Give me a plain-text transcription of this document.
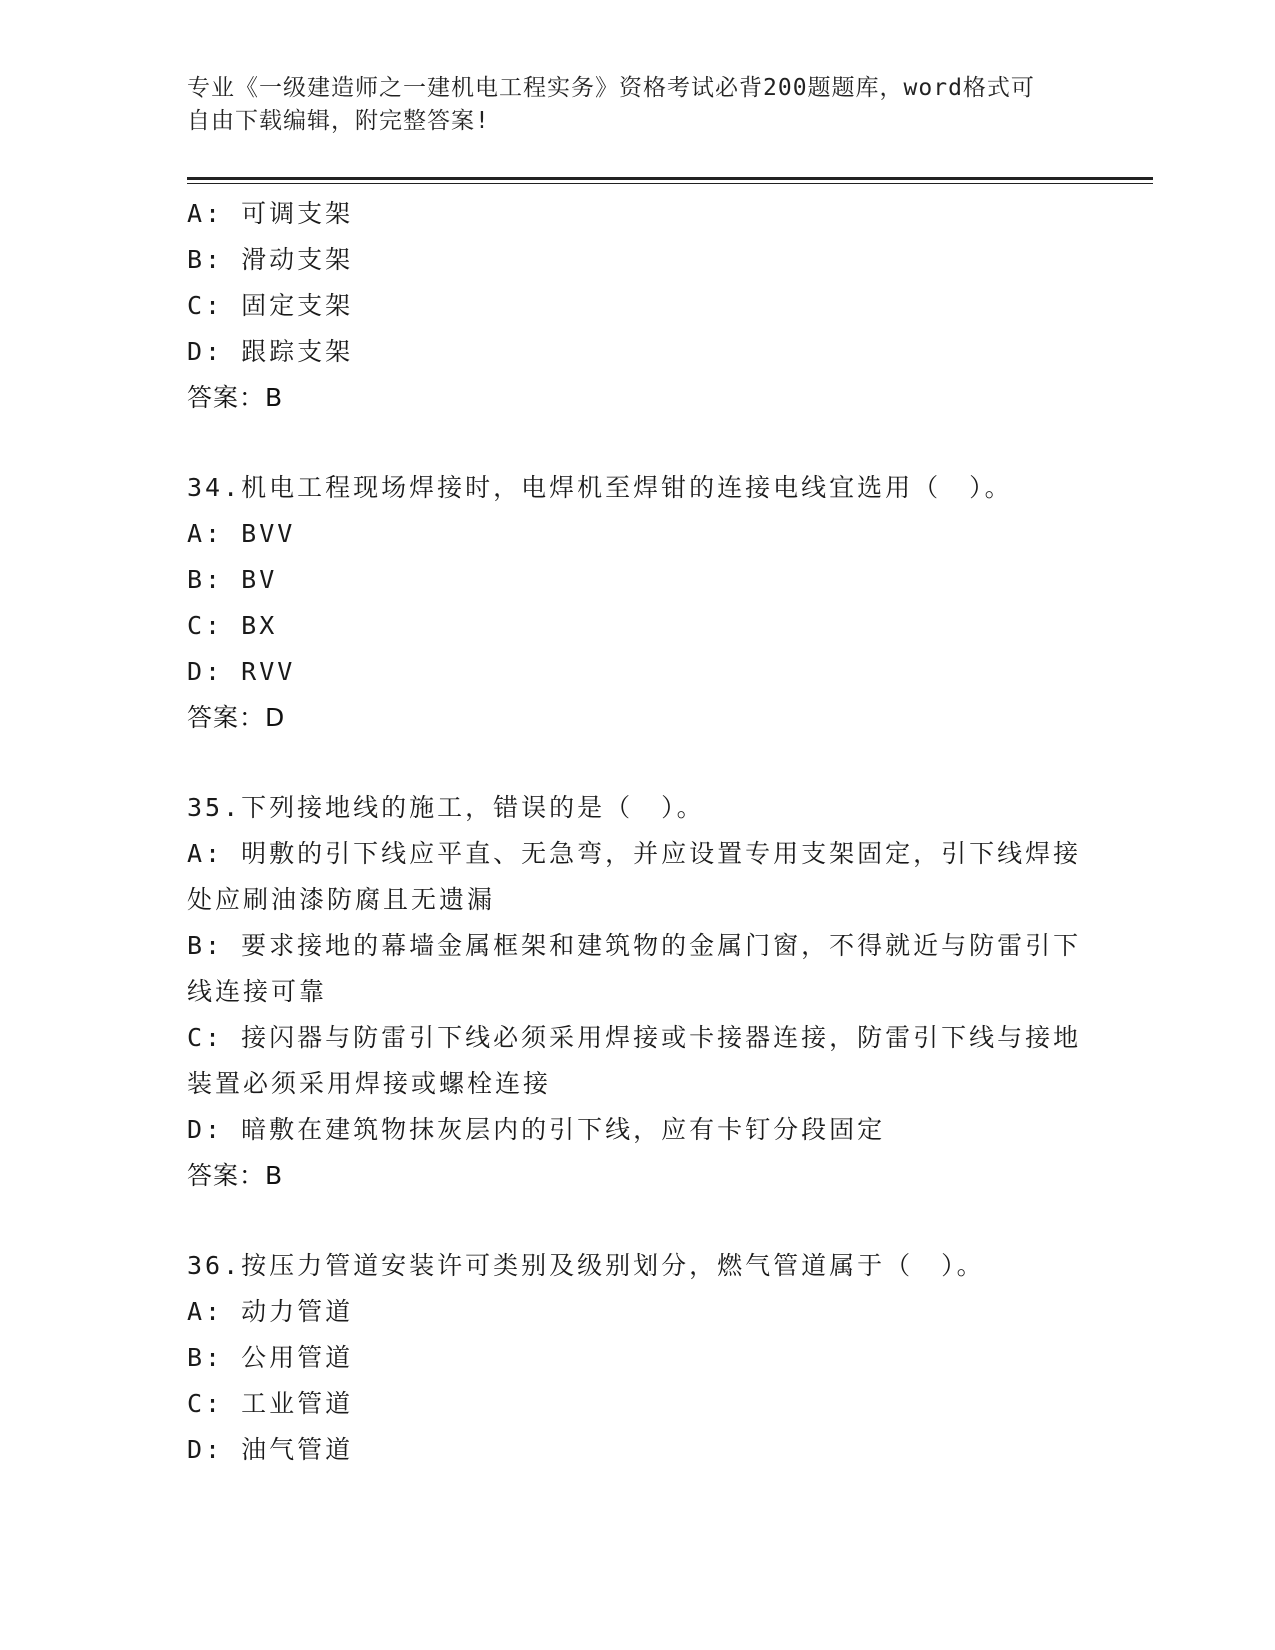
专业《一级建造师之一建机电工程实务》资格考试必背200题题库，word格式可
自由下载编辑，附完整答案!
A: 可调支架
B: 滑动支架
C: 固定支架
D: 跟踪支架
答案：B
34.机电工程现场焊接时，电焊机至焊钳的连接电线宜选用（　）。
A: BVV
B: BV
C: BX
D: RVV
答案：D
35.下列接地线的施工，错误的是（　）。
A: 明敷的引下线应平直、无急弯，并应设置专用支架固定，引下线焊接处应刷油漆防腐且无遗漏
B: 要求接地的幕墙金属框架和建筑物的金属门窗，不得就近与防雷引下线连接可靠
C: 接闪器与防雷引下线必须采用焊接或卡接器连接，防雷引下线与接地装置必须采用焊接或螺栓连接
D: 暗敷在建筑物抹灰层内的引下线，应有卡钉分段固定
答案：B
36.按压力管道安装许可类别及级别划分，燃气管道属于（　）。
A: 动力管道
B: 公用管道
C: 工业管道
D: 油气管道
